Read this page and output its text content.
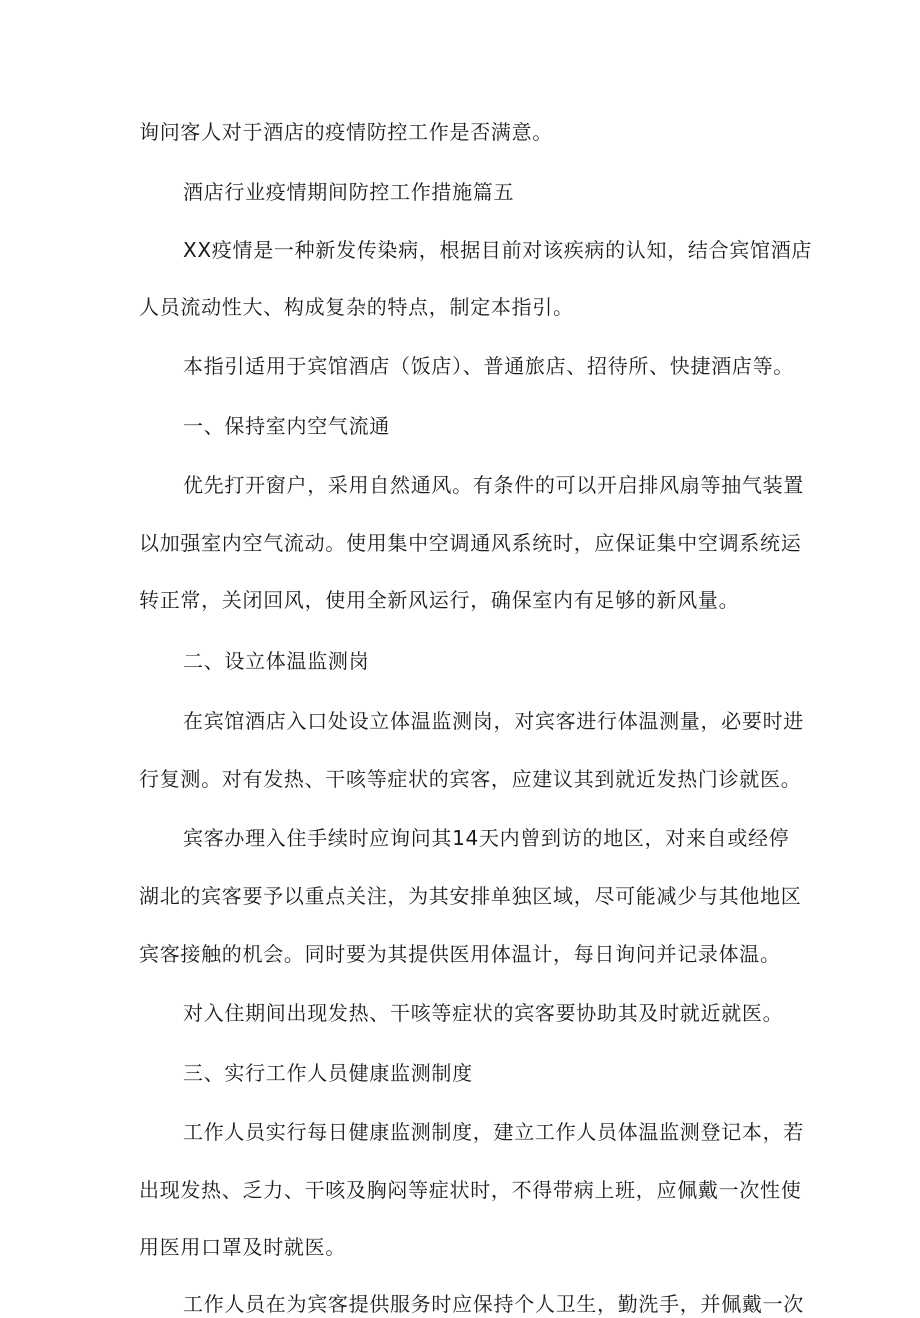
询问客人对于酒店的疫情防控工作是否满意。

酒店行业疫情期间防控工作措施篇五

XX疫情是一种新发传染病，根据目前对该疾病的认知，结合宾馆酒店

人员流动性大、构成复杂的特点，制定本指引。

本指引适用于宾馆酒店（饭店）、普通旅店、招待所、快捷酒店等。

一、保持室内空气流通

优先打开窗户，采用自然通风。有条件的可以开启排风扇等抽气装置

以加强室内空气流动。使用集中空调通风系统时，应保证集中空调系统运

转正常，关闭回风，使用全新风运行，确保室内有足够的新风量。

二、设立体温监测岗

在宾馆酒店入口处设立体温监测岗，对宾客进行体温测量，必要时进

行复测。对有发热、干咳等症状的宾客，应建议其到就近发热门诊就医。

宾客办理入住手续时应询问其14天内曾到访的地区，对来自或经停

湖北的宾客要予以重点关注，为其安排单独区域，尽可能减少与其他地区

宾客接触的机会。同时要为其提供医用体温计，每日询问并记录体温。

对入住期间出现发热、干咳等症状的宾客要协助其及时就近就医。

三、实行工作人员健康监测制度

工作人员实行每日健康监测制度，建立工作人员体温监测登记本，若

出现发热、乏力、干咳及胸闷等症状时，不得带病上班，应佩戴一次性使

用医用口罩及时就医。

工作人员在为宾客提供服务时应保持个人卫生，勤洗手，并佩戴一次
